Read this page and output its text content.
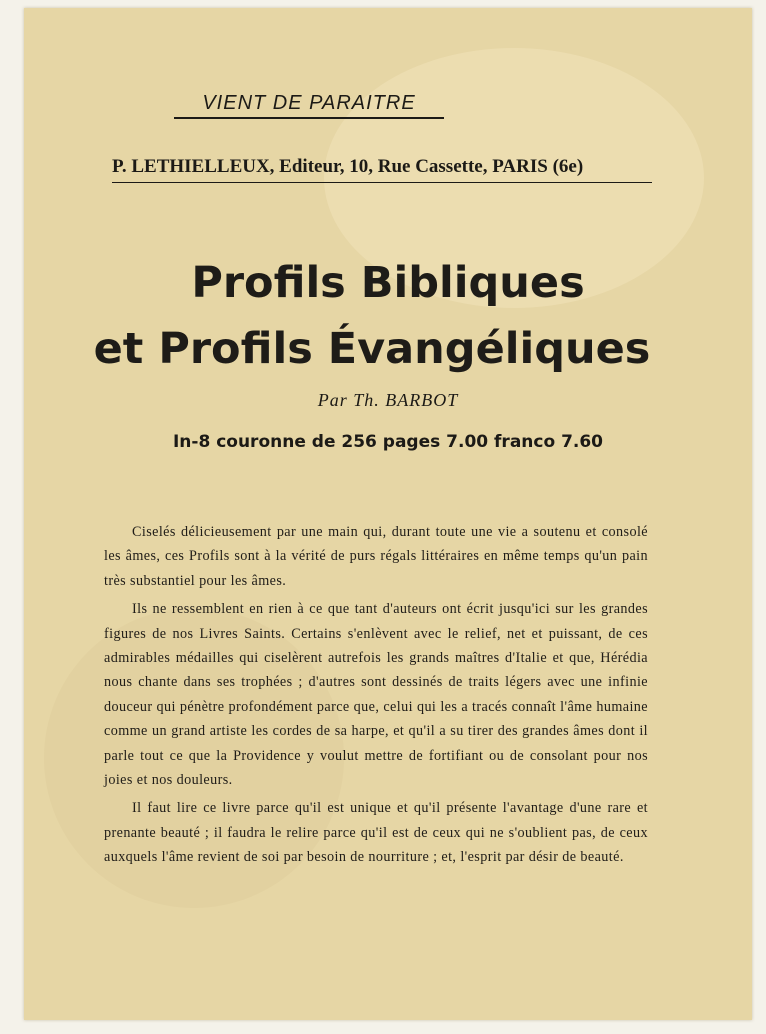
VIENT DE PARAITRE
P. LETHIELLEUX, Editeur, 10, Rue Cassette, PARIS (6e)
Profils Bibliques
et Profils Évangéliques
Par Th. BARBOT
In-8 couronne de 256 pages 7.00 franco 7.60

Ciselés délicieusement par une main qui, durant toute une vie a soutenu et consolé les âmes, ces Profils sont à la vérité de purs régals littéraires en même temps qu'un pain très substantiel pour les âmes.

Ils ne ressemblent en rien à ce que tant d'auteurs ont écrit jusqu'ici sur les grandes figures de nos Livres Saints. Certains s'enlèvent avec le relief, net et puissant, de ces admirables médailles qui ciselèrent autrefois les grands maîtres d'Italie et que, Hérédia nous chante dans ses trophées ; d'autres sont dessinés de traits légers avec une infinie douceur qui pénètre profondément parce que, celui qui les a tracés connaît l'âme humaine comme un grand artiste les cordes de sa harpe, et qu'il a su tirer des grandes âmes dont il parle tout ce que la Providence y voulut mettre de fortifiant ou de consolant pour nos joies et nos douleurs.

Il faut lire ce livre parce qu'il est unique et qu'il présente l'avantage d'une rare et prenante beauté ; il faudra le relire parce qu'il est de ceux qui ne s'oublient pas, de ceux auxquels l'âme revient de soi par besoin de nourriture ; et, l'esprit par désir de beauté.
